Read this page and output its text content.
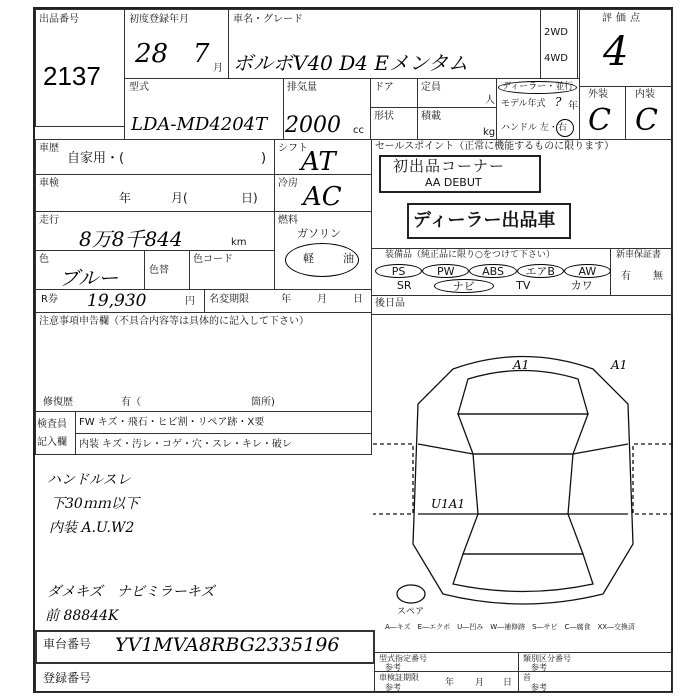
出品番号
2137
初度登録年月
28 7 月
車名・グレード
ボルボV40 D4 Eメンタム
2WD
4WD
評価点
4
型式
LDA-MD4204T
排気量
2000 cc
ドア	定員
人
形状	積載
kg
ディーラー・並行
モデル年式 ? 年
ハンドル 左・右
外装	内装
C C
車歴
自家用・(	)
車検
年	月(	日)
走行
8万8千844	km
色
ブルー	色替
色コード
シフト
AT
冷房 AC
燃料
ガソリン
軽	油
R券 19,930	円 名変期限	年	月	日
注意事項申告欄（不具合内容等は具体的に記入して下さい）
修復歴	有（	箇所)
検査員
記入欄
FW キズ・飛石・ヒビ割・リペア跡・X要
内装 キズ・汚レ・コゲ・穴・スレ・キレ・破レ
ハンドルスレ
下30ｍｍ以下
内装 A.U.W2
ダメキズ　ナビミラーキズ
前 88844K
セールスポイント（正常に機能するものに限ります）
初出品コーナー
AA DEBUT
ディーラー出品車
装備品（純正品に限り○をつけて下さい）	新車保証書
有 無
PS	PW	ABS	エアB	AW
SR	ナビ	TV	カワ
後日品
A1	A1
U1A1
スペア
A―キズ　E―エクボ　U―凹み　W―補修跡　S―サビ　C―腐食　XX―交換済
車台番号 YV1MVA8RBG2335196
登録番号
型式指定番号
参考
類別区分番号
参考
車検証期限
参考	年 月 日
首
参考
